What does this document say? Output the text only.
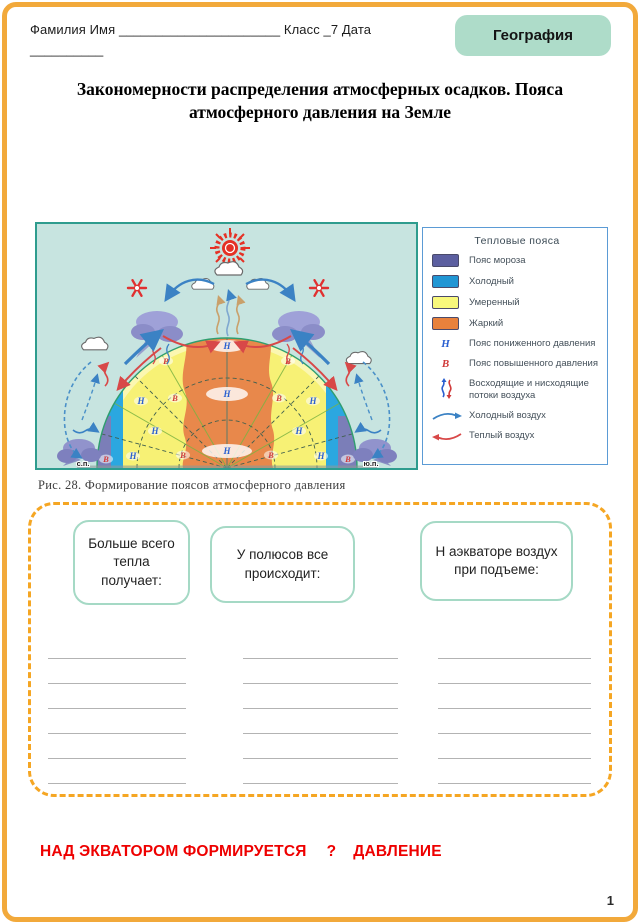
Фамилия Имя ______________________ Класс _7 Дата
__________
География
Закономерности распределения атмосферных осадков. Пояса атмосферного давления на Земле
Н
Н
Н
Н	Н
Н	Н
Н	Н
В	В
В	В
В	В
В	В
с.п.	ю.п.
Тепловые пояса
Пояс мороза
Холодный
Умеренный
Жаркий
Н	Пояс пониженного давления
В	Пояс повышенного давления
Восходящие и нисходящие потоки воздуха
Холодный воздух
Теплый воздух
Рис. 28. Формирование поясов атмосферного давления
Больше всего тепла получает:
У полюсов все происходит:
Н аэкваторе воздух при подъеме:
НАД ЭКВАТОРОМ ФОРМИРУЕТСЯ ? ДАВЛЕНИЕ
1
